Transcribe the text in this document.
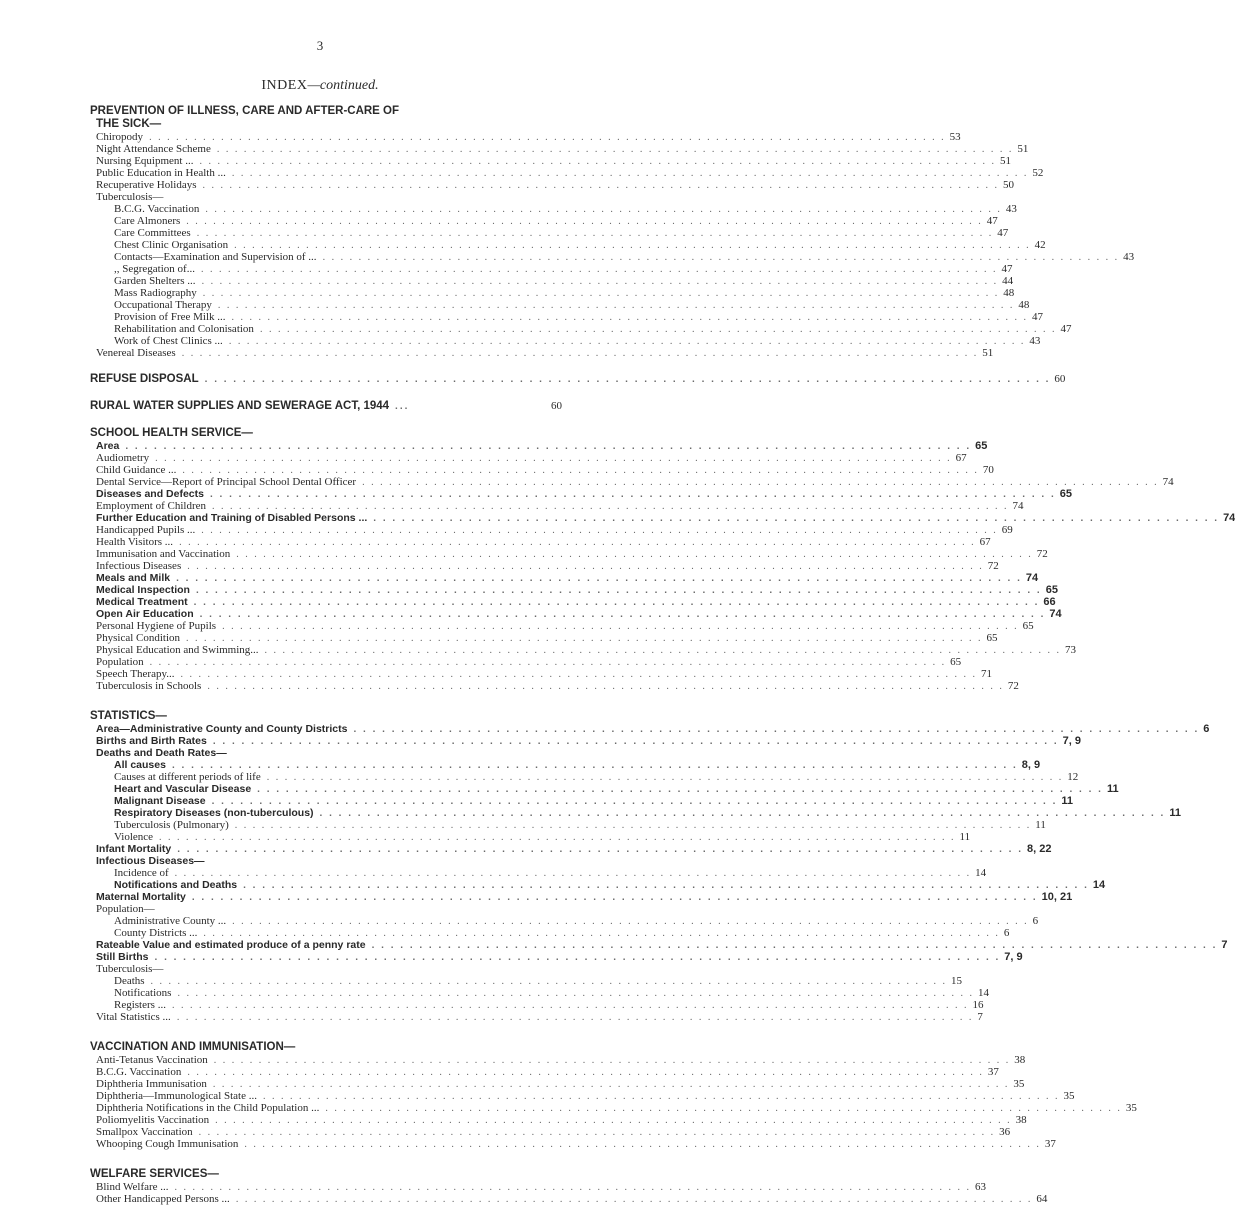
3
INDEX—continued.
PREVENTION OF ILLNESS, CARE AND AFTER-CARE OF
THE SICK—
Chiropody . . . . . . . . . . . . . . . . . . . . . . . . . . . . . . . . . . . . . . . . . . . . . . . . . . . . . . . . . . . . . . . . . . . . . . . . . . . . . . . . . . . . . . . . . 53
Night Attendance Scheme . . . . . . . . . . . . . . . . . . . . . . . . . . . . . . . . . . . . . . . . . . . . . . . . . . . . . . . . . . . . . . . . . . . . . . . . . . . . . . . . . . . . . . . . . 51
Nursing Equipment ... . . . . . . . . . . . . . . . . . . . . . . . . . . . . . . . . . . . . . . . . . . . . . . . . . . . . . . . . . . . . . . . . . . . . . . . . . . . . . . . . . . . . . . . . . 51
Public Education in Health ... . . . . . . . . . . . . . . . . . . . . . . . . . . . . . . . . . . . . . . . . . . . . . . . . . . . . . . . . . . . . . . . . . . . . . . . . . . . . . . . . . . . . . . . . . 52
Recuperative Holidays . . . . . . . . . . . . . . . . . . . . . . . . . . . . . . . . . . . . . . . . . . . . . . . . . . . . . . . . . . . . . . . . . . . . . . . . . . . . . . . . . . . . . . . . . 50
Tuberculosis—
B.C.G. Vaccination . . . . . . . . . . . . . . . . . . . . . . . . . . . . . . . . . . . . . . . . . . . . . . . . . . . . . . . . . . . . . . . . . . . . . . . . . . . . . . . . . . . . . . . . . 43
Care Almoners . . . . . . . . . . . . . . . . . . . . . . . . . . . . . . . . . . . . . . . . . . . . . . . . . . . . . . . . . . . . . . . . . . . . . . . . . . . . . . . . . . . . . . . . . 47
Care Committees . . . . . . . . . . . . . . . . . . . . . . . . . . . . . . . . . . . . . . . . . . . . . . . . . . . . . . . . . . . . . . . . . . . . . . . . . . . . . . . . . . . . . . . . . 47
Chest Clinic Organisation . . . . . . . . . . . . . . . . . . . . . . . . . . . . . . . . . . . . . . . . . . . . . . . . . . . . . . . . . . . . . . . . . . . . . . . . . . . . . . . . . . . . . . . . . 42
Contacts—Examination and Supervision of ... . . . . . . . . . . . . . . . . . . . . . . . . . . . . . . . . . . . . . . . . . . . . . . . . . . . . . . . . . . . . . . . . . . . . . . . . . . . . . . . . . . . . . . . . . 43
,, Segregation of... . . . . . . . . . . . . . . . . . . . . . . . . . . . . . . . . . . . . . . . . . . . . . . . . . . . . . . . . . . . . . . . . . . . . . . . . . . . . . . . . . . . . . . . . . 47
Garden Shelters ... . . . . . . . . . . . . . . . . . . . . . . . . . . . . . . . . . . . . . . . . . . . . . . . . . . . . . . . . . . . . . . . . . . . . . . . . . . . . . . . . . . . . . . . . . 44
Mass Radiography . . . . . . . . . . . . . . . . . . . . . . . . . . . . . . . . . . . . . . . . . . . . . . . . . . . . . . . . . . . . . . . . . . . . . . . . . . . . . . . . . . . . . . . . . 48
Occupational Therapy . . . . . . . . . . . . . . . . . . . . . . . . . . . . . . . . . . . . . . . . . . . . . . . . . . . . . . . . . . . . . . . . . . . . . . . . . . . . . . . . . . . . . . . . . 48
Provision of Free Milk ... . . . . . . . . . . . . . . . . . . . . . . . . . . . . . . . . . . . . . . . . . . . . . . . . . . . . . . . . . . . . . . . . . . . . . . . . . . . . . . . . . . . . . . . . . 47
Rehabilitation and Colonisation . . . . . . . . . . . . . . . . . . . . . . . . . . . . . . . . . . . . . . . . . . . . . . . . . . . . . . . . . . . . . . . . . . . . . . . . . . . . . . . . . . . . . . . . . 47
Work of Chest Clinics ... . . . . . . . . . . . . . . . . . . . . . . . . . . . . . . . . . . . . . . . . . . . . . . . . . . . . . . . . . . . . . . . . . . . . . . . . . . . . . . . . . . . . . . . . . 43
Venereal Diseases . . . . . . . . . . . . . . . . . . . . . . . . . . . . . . . . . . . . . . . . . . . . . . . . . . . . . . . . . . . . . . . . . . . . . . . . . . . . . . . . . . . . . . . . . 51
REFUSE DISPOSAL . . . . . . . . . . . . . . . . . . . . . . . . . . . . . . . . . . . . . . . . . . . . . . . . . . . . . . . . . . . . . . . . . . . . . . . . . . . . . . . . . . . . . . . . . 60
RURAL WATER SUPPLIES AND SEWERAGE ACT, 1944 ...	60
SCHOOL HEALTH SERVICE—
Area . . . . . . . . . . . . . . . . . . . . . . . . . . . . . . . . . . . . . . . . . . . . . . . . . . . . . . . . . . . . . . . . . . . . . . . . . . . . . . . . . . . . . . . . . 65
Audiometry . . . . . . . . . . . . . . . . . . . . . . . . . . . . . . . . . . . . . . . . . . . . . . . . . . . . . . . . . . . . . . . . . . . . . . . . . . . . . . . . . . . . . . . . . 67
Child Guidance ... . . . . . . . . . . . . . . . . . . . . . . . . . . . . . . . . . . . . . . . . . . . . . . . . . . . . . . . . . . . . . . . . . . . . . . . . . . . . . . . . . . . . . . . . . 70
Dental Service—Report of Principal School Dental Officer . . . . . . . . . . . . . . . . . . . . . . . . . . . . . . . . . . . . . . . . . . . . . . . . . . . . . . . . . . . . . . . . . . . . . . . . . . . . . . . . . . . . . . . . . 74
Diseases and Defects . . . . . . . . . . . . . . . . . . . . . . . . . . . . . . . . . . . . . . . . . . . . . . . . . . . . . . . . . . . . . . . . . . . . . . . . . . . . . . . . . . . . . . . . . 65
Employment of Children . . . . . . . . . . . . . . . . . . . . . . . . . . . . . . . . . . . . . . . . . . . . . . . . . . . . . . . . . . . . . . . . . . . . . . . . . . . . . . . . . . . . . . . . . 74
Further Education and Training of Disabled Persons ... . . . . . . . . . . . . . . . . . . . . . . . . . . . . . . . . . . . . . . . . . . . . . . . . . . . . . . . . . . . . . . . . . . . . . . . . . . . . . . . . . . . . . . . . . 74
Handicapped Pupils ... . . . . . . . . . . . . . . . . . . . . . . . . . . . . . . . . . . . . . . . . . . . . . . . . . . . . . . . . . . . . . . . . . . . . . . . . . . . . . . . . . . . . . . . . . 69
Health Visitors ... . . . . . . . . . . . . . . . . . . . . . . . . . . . . . . . . . . . . . . . . . . . . . . . . . . . . . . . . . . . . . . . . . . . . . . . . . . . . . . . . . . . . . . . . . 67
Immunisation and Vaccination . . . . . . . . . . . . . . . . . . . . . . . . . . . . . . . . . . . . . . . . . . . . . . . . . . . . . . . . . . . . . . . . . . . . . . . . . . . . . . . . . . . . . . . . . 72
Infectious Diseases . . . . . . . . . . . . . . . . . . . . . . . . . . . . . . . . . . . . . . . . . . . . . . . . . . . . . . . . . . . . . . . . . . . . . . . . . . . . . . . . . . . . . . . . . 72
Meals and Milk . . . . . . . . . . . . . . . . . . . . . . . . . . . . . . . . . . . . . . . . . . . . . . . . . . . . . . . . . . . . . . . . . . . . . . . . . . . . . . . . . . . . . . . . . 74
Medical Inspection . . . . . . . . . . . . . . . . . . . . . . . . . . . . . . . . . . . . . . . . . . . . . . . . . . . . . . . . . . . . . . . . . . . . . . . . . . . . . . . . . . . . . . . . . 65
Medical Treatment . . . . . . . . . . . . . . . . . . . . . . . . . . . . . . . . . . . . . . . . . . . . . . . . . . . . . . . . . . . . . . . . . . . . . . . . . . . . . . . . . . . . . . . . . 66
Open Air Education . . . . . . . . . . . . . . . . . . . . . . . . . . . . . . . . . . . . . . . . . . . . . . . . . . . . . . . . . . . . . . . . . . . . . . . . . . . . . . . . . . . . . . . . . 74
Personal Hygiene of Pupils . . . . . . . . . . . . . . . . . . . . . . . . . . . . . . . . . . . . . . . . . . . . . . . . . . . . . . . . . . . . . . . . . . . . . . . . . . . . . . . . . . . . . . . . . 65
Physical Condition . . . . . . . . . . . . . . . . . . . . . . . . . . . . . . . . . . . . . . . . . . . . . . . . . . . . . . . . . . . . . . . . . . . . . . . . . . . . . . . . . . . . . . . . . 65
Physical Education and Swimming... . . . . . . . . . . . . . . . . . . . . . . . . . . . . . . . . . . . . . . . . . . . . . . . . . . . . . . . . . . . . . . . . . . . . . . . . . . . . . . . . . . . . . . . . . 73
Population . . . . . . . . . . . . . . . . . . . . . . . . . . . . . . . . . . . . . . . . . . . . . . . . . . . . . . . . . . . . . . . . . . . . . . . . . . . . . . . . . . . . . . . . . 65
Speech Therapy... . . . . . . . . . . . . . . . . . . . . . . . . . . . . . . . . . . . . . . . . . . . . . . . . . . . . . . . . . . . . . . . . . . . . . . . . . . . . . . . . . . . . . . . . . 71
Tuberculosis in Schools . . . . . . . . . . . . . . . . . . . . . . . . . . . . . . . . . . . . . . . . . . . . . . . . . . . . . . . . . . . . . . . . . . . . . . . . . . . . . . . . . . . . . . . . . 72
STATISTICS—
Area—Administrative County and County Districts . . . . . . . . . . . . . . . . . . . . . . . . . . . . . . . . . . . . . . . . . . . . . . . . . . . . . . . . . . . . . . . . . . . . . . . . . . . . . . . . . . . . . . . . . 6
Births and Birth Rates . . . . . . . . . . . . . . . . . . . . . . . . . . . . . . . . . . . . . . . . . . . . . . . . . . . . . . . . . . . . . . . . . . . . . . . . . . . . . . . . . . . . . . . . . 7, 9
Deaths and Death Rates—
All causes . . . . . . . . . . . . . . . . . . . . . . . . . . . . . . . . . . . . . . . . . . . . . . . . . . . . . . . . . . . . . . . . . . . . . . . . . . . . . . . . . . . . . . . . . 8, 9
Causes at different periods of life . . . . . . . . . . . . . . . . . . . . . . . . . . . . . . . . . . . . . . . . . . . . . . . . . . . . . . . . . . . . . . . . . . . . . . . . . . . . . . . . . . . . . . . . . 12
Heart and Vascular Disease . . . . . . . . . . . . . . . . . . . . . . . . . . . . . . . . . . . . . . . . . . . . . . . . . . . . . . . . . . . . . . . . . . . . . . . . . . . . . . . . . . . . . . . . . 11
Malignant Disease . . . . . . . . . . . . . . . . . . . . . . . . . . . . . . . . . . . . . . . . . . . . . . . . . . . . . . . . . . . . . . . . . . . . . . . . . . . . . . . . . . . . . . . . . 11
Respiratory Diseases (non-tuberculous) . . . . . . . . . . . . . . . . . . . . . . . . . . . . . . . . . . . . . . . . . . . . . . . . . . . . . . . . . . . . . . . . . . . . . . . . . . . . . . . . . . . . . . . . . 11
Tuberculosis (Pulmonary) . . . . . . . . . . . . . . . . . . . . . . . . . . . . . . . . . . . . . . . . . . . . . . . . . . . . . . . . . . . . . . . . . . . . . . . . . . . . . . . . . . . . . . . . . 11
Violence . . . . . . . . . . . . . . . . . . . . . . . . . . . . . . . . . . . . . . . . . . . . . . . . . . . . . . . . . . . . . . . . . . . . . . . . . . . . . . . . . . . . . . . . . 11
Infant Mortality . . . . . . . . . . . . . . . . . . . . . . . . . . . . . . . . . . . . . . . . . . . . . . . . . . . . . . . . . . . . . . . . . . . . . . . . . . . . . . . . . . . . . . . . . 8, 22
Infectious Diseases—
Incidence of . . . . . . . . . . . . . . . . . . . . . . . . . . . . . . . . . . . . . . . . . . . . . . . . . . . . . . . . . . . . . . . . . . . . . . . . . . . . . . . . . . . . . . . . . 14
Notifications and Deaths . . . . . . . . . . . . . . . . . . . . . . . . . . . . . . . . . . . . . . . . . . . . . . . . . . . . . . . . . . . . . . . . . . . . . . . . . . . . . . . . . . . . . . . . . 14
Maternal Mortality . . . . . . . . . . . . . . . . . . . . . . . . . . . . . . . . . . . . . . . . . . . . . . . . . . . . . . . . . . . . . . . . . . . . . . . . . . . . . . . . . . . . . . . . . 10, 21
Population—
Administrative County ... . . . . . . . . . . . . . . . . . . . . . . . . . . . . . . . . . . . . . . . . . . . . . . . . . . . . . . . . . . . . . . . . . . . . . . . . . . . . . . . . . . . . . . . . . 6
County Districts ... . . . . . . . . . . . . . . . . . . . . . . . . . . . . . . . . . . . . . . . . . . . . . . . . . . . . . . . . . . . . . . . . . . . . . . . . . . . . . . . . . . . . . . . . . 6
Rateable Value and estimated produce of a penny rate . . . . . . . . . . . . . . . . . . . . . . . . . . . . . . . . . . . . . . . . . . . . . . . . . . . . . . . . . . . . . . . . . . . . . . . . . . . . . . . . . . . . . . . . . 7
Still Births . . . . . . . . . . . . . . . . . . . . . . . . . . . . . . . . . . . . . . . . . . . . . . . . . . . . . . . . . . . . . . . . . . . . . . . . . . . . . . . . . . . . . . . . . 7, 9
Tuberculosis—
Deaths . . . . . . . . . . . . . . . . . . . . . . . . . . . . . . . . . . . . . . . . . . . . . . . . . . . . . . . . . . . . . . . . . . . . . . . . . . . . . . . . . . . . . . . . . 15
Notifications . . . . . . . . . . . . . . . . . . . . . . . . . . . . . . . . . . . . . . . . . . . . . . . . . . . . . . . . . . . . . . . . . . . . . . . . . . . . . . . . . . . . . . . . . 14
Registers ... . . . . . . . . . . . . . . . . . . . . . . . . . . . . . . . . . . . . . . . . . . . . . . . . . . . . . . . . . . . . . . . . . . . . . . . . . . . . . . . . . . . . . . . . . 16
Vital Statistics ... . . . . . . . . . . . . . . . . . . . . . . . . . . . . . . . . . . . . . . . . . . . . . . . . . . . . . . . . . . . . . . . . . . . . . . . . . . . . . . . . . . . . . . . . . 7
VACCINATION AND IMMUNISATION—
Anti-Tetanus Vaccination . . . . . . . . . . . . . . . . . . . . . . . . . . . . . . . . . . . . . . . . . . . . . . . . . . . . . . . . . . . . . . . . . . . . . . . . . . . . . . . . . . . . . . . . . 38
B.C.G. Vaccination . . . . . . . . . . . . . . . . . . . . . . . . . . . . . . . . . . . . . . . . . . . . . . . . . . . . . . . . . . . . . . . . . . . . . . . . . . . . . . . . . . . . . . . . . 37
Diphtheria Immunisation . . . . . . . . . . . . . . . . . . . . . . . . . . . . . . . . . . . . . . . . . . . . . . . . . . . . . . . . . . . . . . . . . . . . . . . . . . . . . . . . . . . . . . . . . 35
Diphtheria—Immunological State ... . . . . . . . . . . . . . . . . . . . . . . . . . . . . . . . . . . . . . . . . . . . . . . . . . . . . . . . . . . . . . . . . . . . . . . . . . . . . . . . . . . . . . . . . . 35
Diphtheria Notifications in the Child Population ... . . . . . . . . . . . . . . . . . . . . . . . . . . . . . . . . . . . . . . . . . . . . . . . . . . . . . . . . . . . . . . . . . . . . . . . . . . . . . . . . . . . . . . . . . 35
Poliomyelitis Vaccination . . . . . . . . . . . . . . . . . . . . . . . . . . . . . . . . . . . . . . . . . . . . . . . . . . . . . . . . . . . . . . . . . . . . . . . . . . . . . . . . . . . . . . . . . 38
Smallpox Vaccination . . . . . . . . . . . . . . . . . . . . . . . . . . . . . . . . . . . . . . . . . . . . . . . . . . . . . . . . . . . . . . . . . . . . . . . . . . . . . . . . . . . . . . . . . 36
Whooping Cough Immunisation . . . . . . . . . . . . . . . . . . . . . . . . . . . . . . . . . . . . . . . . . . . . . . . . . . . . . . . . . . . . . . . . . . . . . . . . . . . . . . . . . . . . . . . . . 37
WELFARE SERVICES—
Blind Welfare ... . . . . . . . . . . . . . . . . . . . . . . . . . . . . . . . . . . . . . . . . . . . . . . . . . . . . . . . . . . . . . . . . . . . . . . . . . . . . . . . . . . . . . . . . . 63
Other Handicapped Persons ... . . . . . . . . . . . . . . . . . . . . . . . . . . . . . . . . . . . . . . . . . . . . . . . . . . . . . . . . . . . . . . . . . . . . . . . . . . . . . . . . . . . . . . . . . 64
